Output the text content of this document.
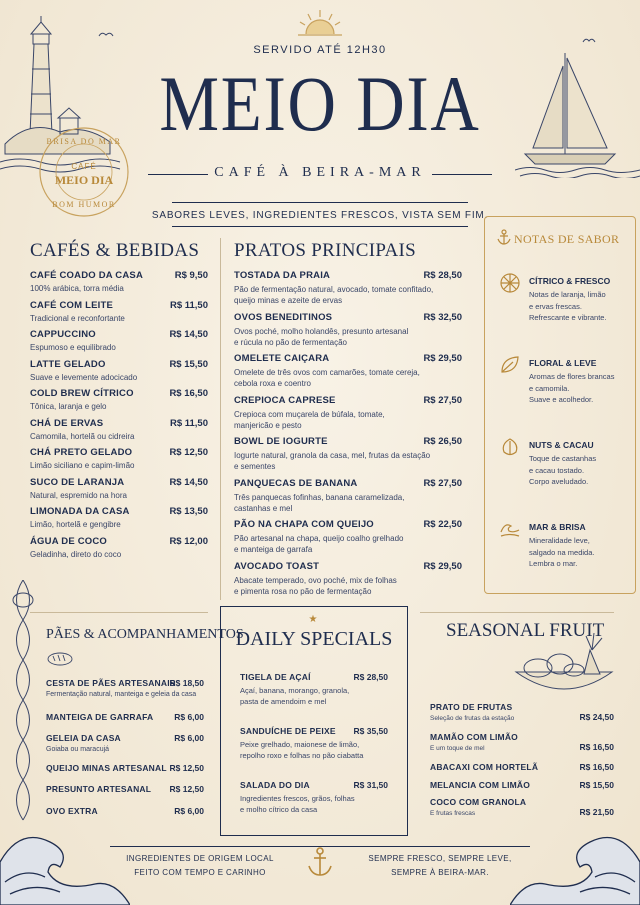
BRISA DO MAR
CAFÉ
MEIO DIA
BOM HUMOR
SERVIDO ATÉ 12H30
MEIO DIA
CAFÉ À BEIRA-MAR
SABORES LEVES, INGREDIENTES FRESCOS, VISTA SEM FIM.
CAFÉS & BEBIDAS PRATOS PRINCIPAIS
NOTAS DE SABOR
PÃES & ACOMPANHAMENTOS
★
DAILY SPECIALS	SEASONAL FRUIT
INGREDIENTES DE ORIGEM LOCAL
FEITO COM TEMPO E CARINHO
SEMPRE FRESCO, SEMPRE LEVE,
SEMPRE À BEIRA-MAR.
CAFÉ COADO DA CASA	R$ 9,50
100% arábica, torra média
CAFÉ COM LEITE	R$ 11,50
Tradicional e reconfortante
CAPPUCCINO	R$ 14,50
Espumoso e equilibrado
LATTE GELADO	R$ 15,50
Suave e levemente adocicado
COLD BREW CÍTRICO	R$ 16,50
Tônica, laranja e gelo
CHÁ DE ERVAS	R$ 11,50
Camomila, hortelã ou cidreira
CHÁ PRETO GELADO	R$ 12,50
Limão siciliano e capim-limão
SUCO DE LARANJA	R$ 14,50
Natural, espremido na hora
LIMONADA DA CASA	R$ 13,50
Limão, hortelã e gengibre
ÁGUA DE COCO	R$ 12,00
Geladinha, direto do coco
TOSTADA DA PRAIA	R$ 28,50
Pão de fermentação natural, avocado, tomate confitado,
queijo minas e azeite de ervas
OVOS BENEDITINOS	R$ 32,50
Ovos poché, molho holandês, presunto artesanal
e rúcula no pão de fermentação
OMELETE CAIÇARA	R$ 29,50
Omelete de três ovos com camarões, tomate cereja,
cebola roxa e coentro
CREPIOCA CAPRESE	R$ 27,50
Crepioca com muçarela de búfala, tomate,
manjericão e pesto
BOWL DE IOGURTE	R$ 26,50
Iogurte natural, granola da casa, mel, frutas da estação
e sementes
PANQUECAS DE BANANA	R$ 27,50
Três panquecas fofinhas, banana caramelizada,
castanhas e mel
PÃO NA CHAPA COM QUEIJO	R$ 22,50
Pão artesanal na chapa, queijo coalho grelhado
e manteiga de garrafa
AVOCADO TOAST	R$ 29,50
Abacate temperado, ovo poché, mix de folhas
e pimenta rosa no pão de fermentação
CÍTRICO & FRESCO
Notas de laranja, limão
e ervas frescas.
Refrescante e vibrante.
FLORAL & LEVE
Aromas de flores brancas
e camomila.
Suave e acolhedor.
NUTS & CACAU
Toque de castanhas
e cacau tostado.
Corpo aveludado.
MAR & BRISA
Mineralidade leve,
salgado na medida.
Lembra o mar.
CESTA DE PÃES ARTESANAIS
R$ 18,50
Fermentação natural, manteiga e geleia da casa
MANTEIGA DE GARRAFA	R$ 6,00
GELEIA DA CASA	R$ 6,00
Goiaba ou maracujá
QUEIJO MINAS ARTESANAL R$ 12,50
PRESUNTO ARTESANAL	R$ 12,50
OVO EXTRA	R$ 6,00
TIGELA DE AÇAÍ	R$ 28,50
Açaí, banana, morango, granola,
pasta de amendoim e mel
SANDUÍCHE DE PEIXE	R$ 35,50
Peixe grelhado, maionese de limão,
repolho roxo e folhas no pão ciabatta
SALADA DO DIA	R$ 31,50
Ingredientes frescos, grãos, folhas
e molho cítrico da casa
PRATO DE FRUTAS
R$ 24,50
Seleção de frutas da estação
MAMÃO COM LIMÃO
R$ 16,50
E um toque de mel
ABACAXI COM HORTELÃ	R$ 16,50
MELANCIA COM LIMÃO	R$ 15,50
COCO COM GRANOLA
R$ 21,50
E frutas frescas
